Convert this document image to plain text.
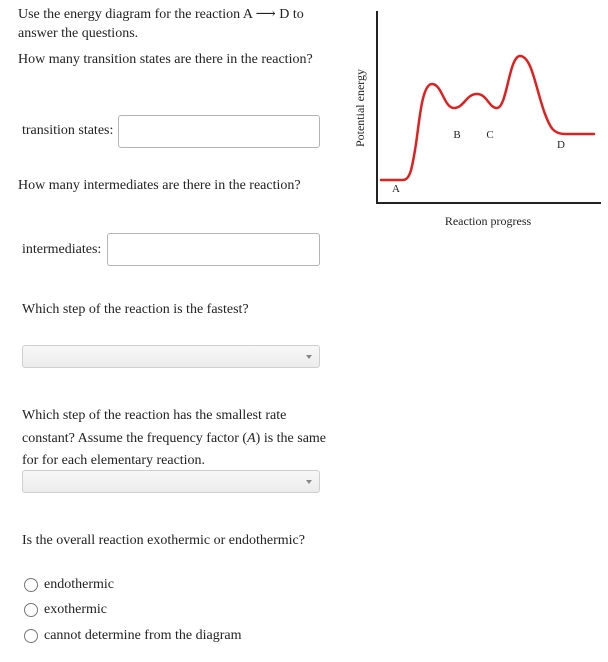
Use the energy diagram for the reaction A ⟶ D to
answer the questions.
How many transition states are there in the reaction?
transition states:
How many intermediates are there in the reaction?
intermediates:
Which step of the reaction is the fastest?
Which step of the reaction has the smallest rate
constant? Assume the frequency factor (A) is the same
for for each elementary reaction.
Is the overall reaction exothermic or endothermic?
endothermic
exothermic
cannot determine from the diagram
Potential energy
A
B C
D
Reaction progress
